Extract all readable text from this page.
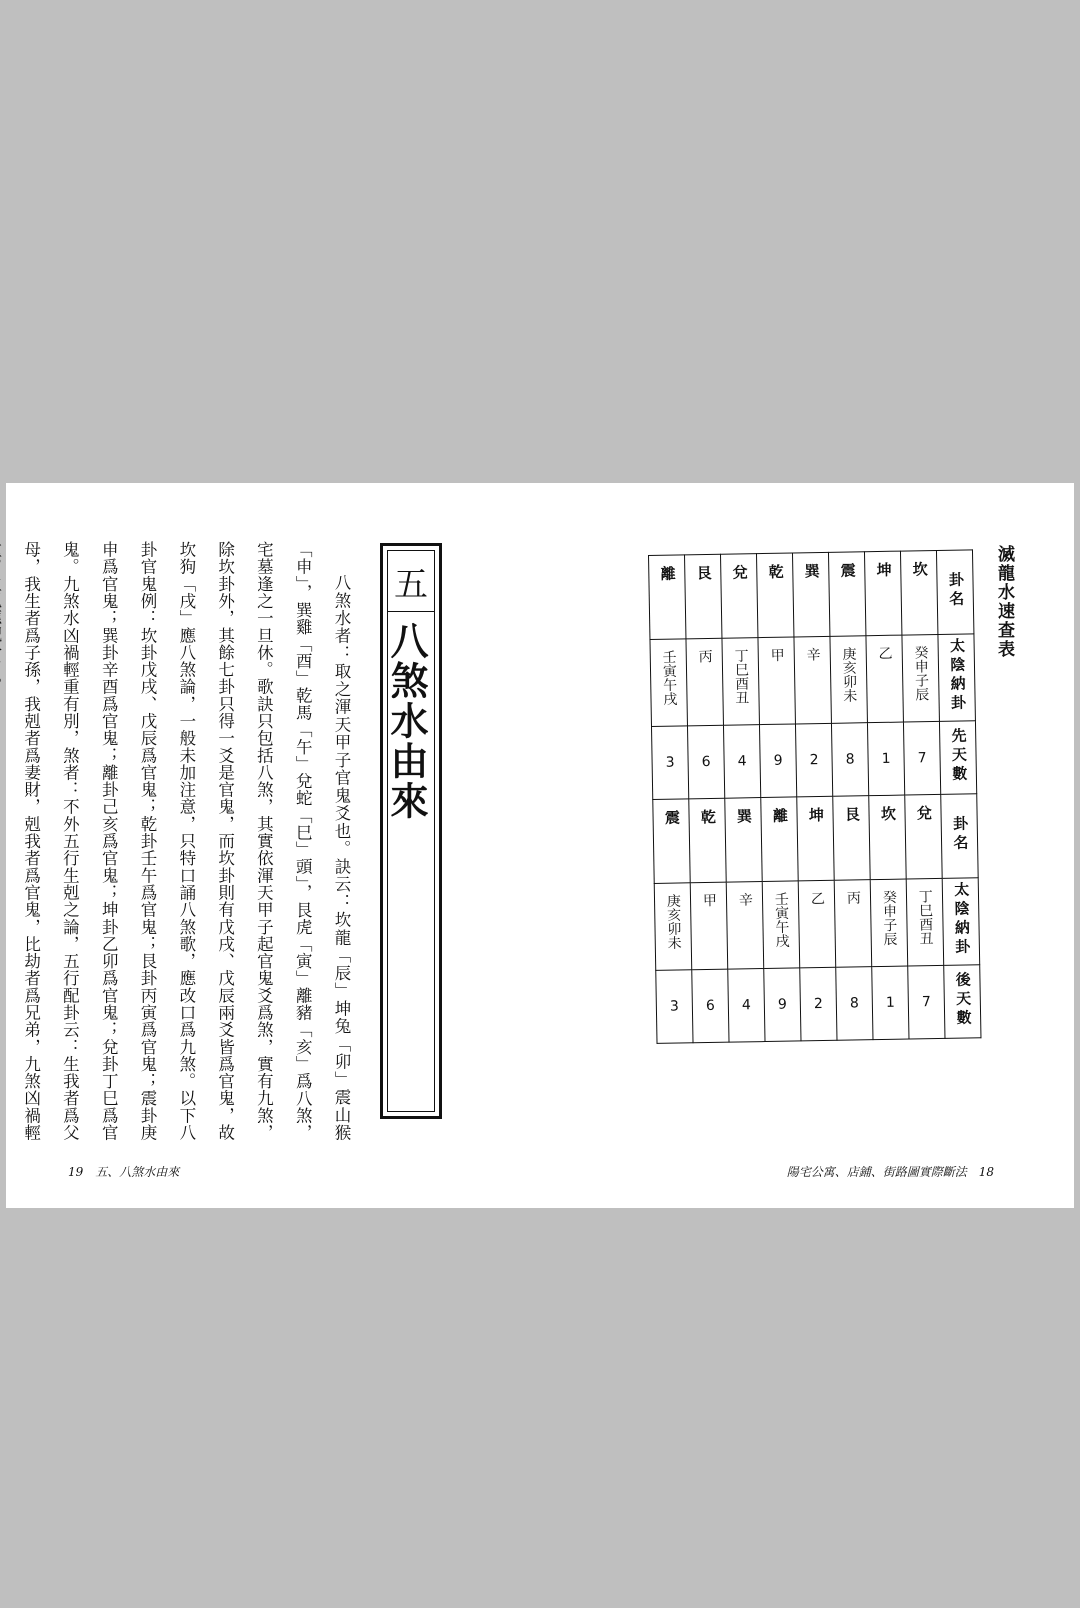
八煞水者：取之渾天甲子官鬼爻也。訣云：坎龍「辰」坤兔「卯」震山猴「申」，巽雞「酉」乾馬「午」兌蛇「巳」頭」，艮虎「寅」離豬「亥」爲八煞，宅墓逢之一旦休。歌訣只包括八煞，其實依渾天甲子起官鬼爻爲煞，實有九煞，除坎卦外，其餘七卦只得一爻是官鬼，而坎卦則有戊戌、戊辰兩爻皆爲官鬼，故坎狗「戌」應八煞論，一般未加注意，只特口誦八煞歌，應改口爲九煞。以下八卦官鬼例：坎卦戊戌、戊辰爲官鬼；乾卦壬午爲官鬼；艮卦丙寅爲官鬼；震卦庚申爲官鬼；巽卦辛酉爲官鬼；離卦己亥爲官鬼；坤卦乙卯爲官鬼；兌卦丁巳爲官鬼。九煞水凶禍輕重有別，煞者：不外五行生剋之論，五行配卦云：生我者爲父母，我生者爲子孫，我剋者爲妻財，剋我者爲官鬼，比劫者爲兄弟，九煞凶禍輕

五
八煞水由來
19　五、八煞水由來
滅龍水速查表
離	艮	兌	乾	巽	震	坤	坎	卦名
壬寅午戌	丙	丁巳酉丑	甲	辛	庚亥卯未	乙	癸申子辰	太陰納卦
3	6	4	9	2	8	1	7	先天數
震	乾	巽	離	坤	艮	坎	兌	卦名
庚亥卯未	甲	辛	壬寅午戌	乙	丙	癸申子辰	丁巳酉丑	太陰納卦
3	6	4	9	2	8	1	7	後天數
陽宅公寓、店鋪、街路圖實際斷法　18
